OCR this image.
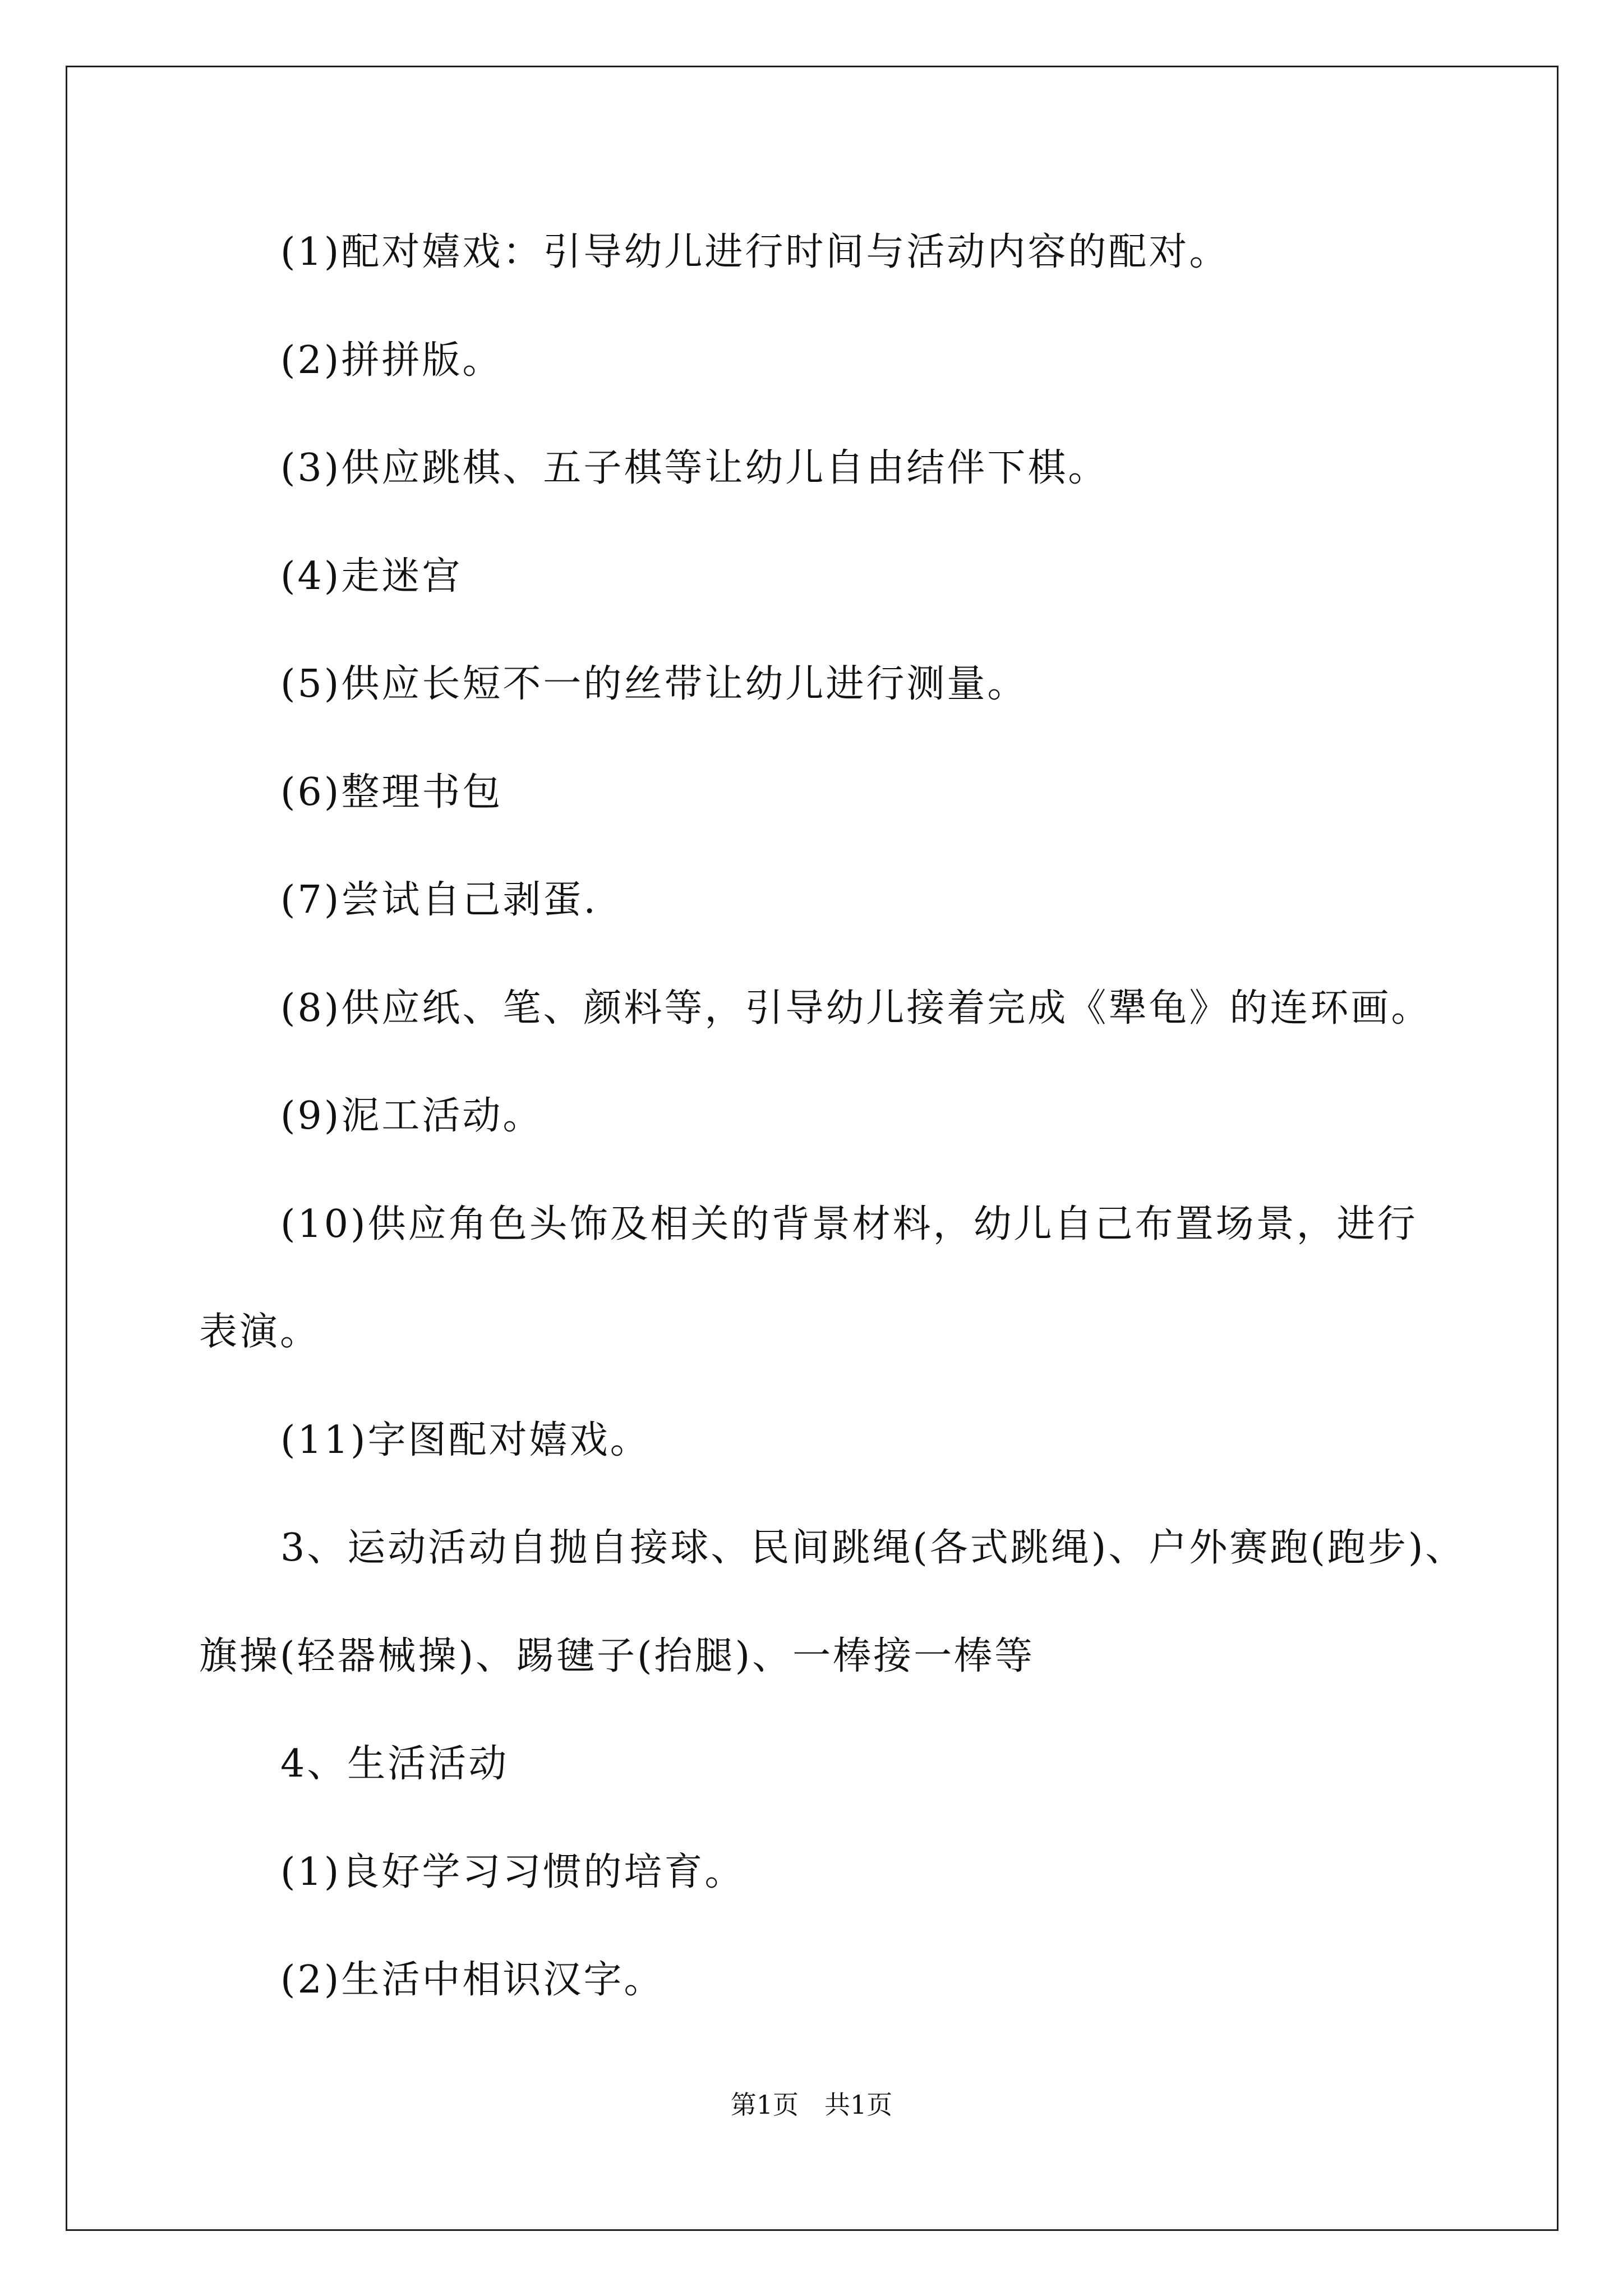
(1)配对嬉戏：引导幼儿进行时间与活动内容的配对。
(2)拼拼版。
(3)供应跳棋、五子棋等让幼儿自由结伴下棋。
(4)走迷宫
(5)供应长短不一的丝带让幼儿进行测量。
(6)整理书包
(7)尝试自己剥蛋.
(8)供应纸、笔、颜料等，引导幼儿接着完成《犟龟》的连环画。
(9)泥工活动。
(10)供应角色头饰及相关的背景材料，幼儿自己布置场景，进行
表演。
(11)字图配对嬉戏。
3、运动活动自抛自接球、民间跳绳(各式跳绳)、户外赛跑(跑步)、
旗操(轻器械操)、踢毽子(抬腿)、一棒接一棒等
4、生活活动
(1)良好学习习惯的培育。
(2)生活中相识汉字。
第1页　共1页
